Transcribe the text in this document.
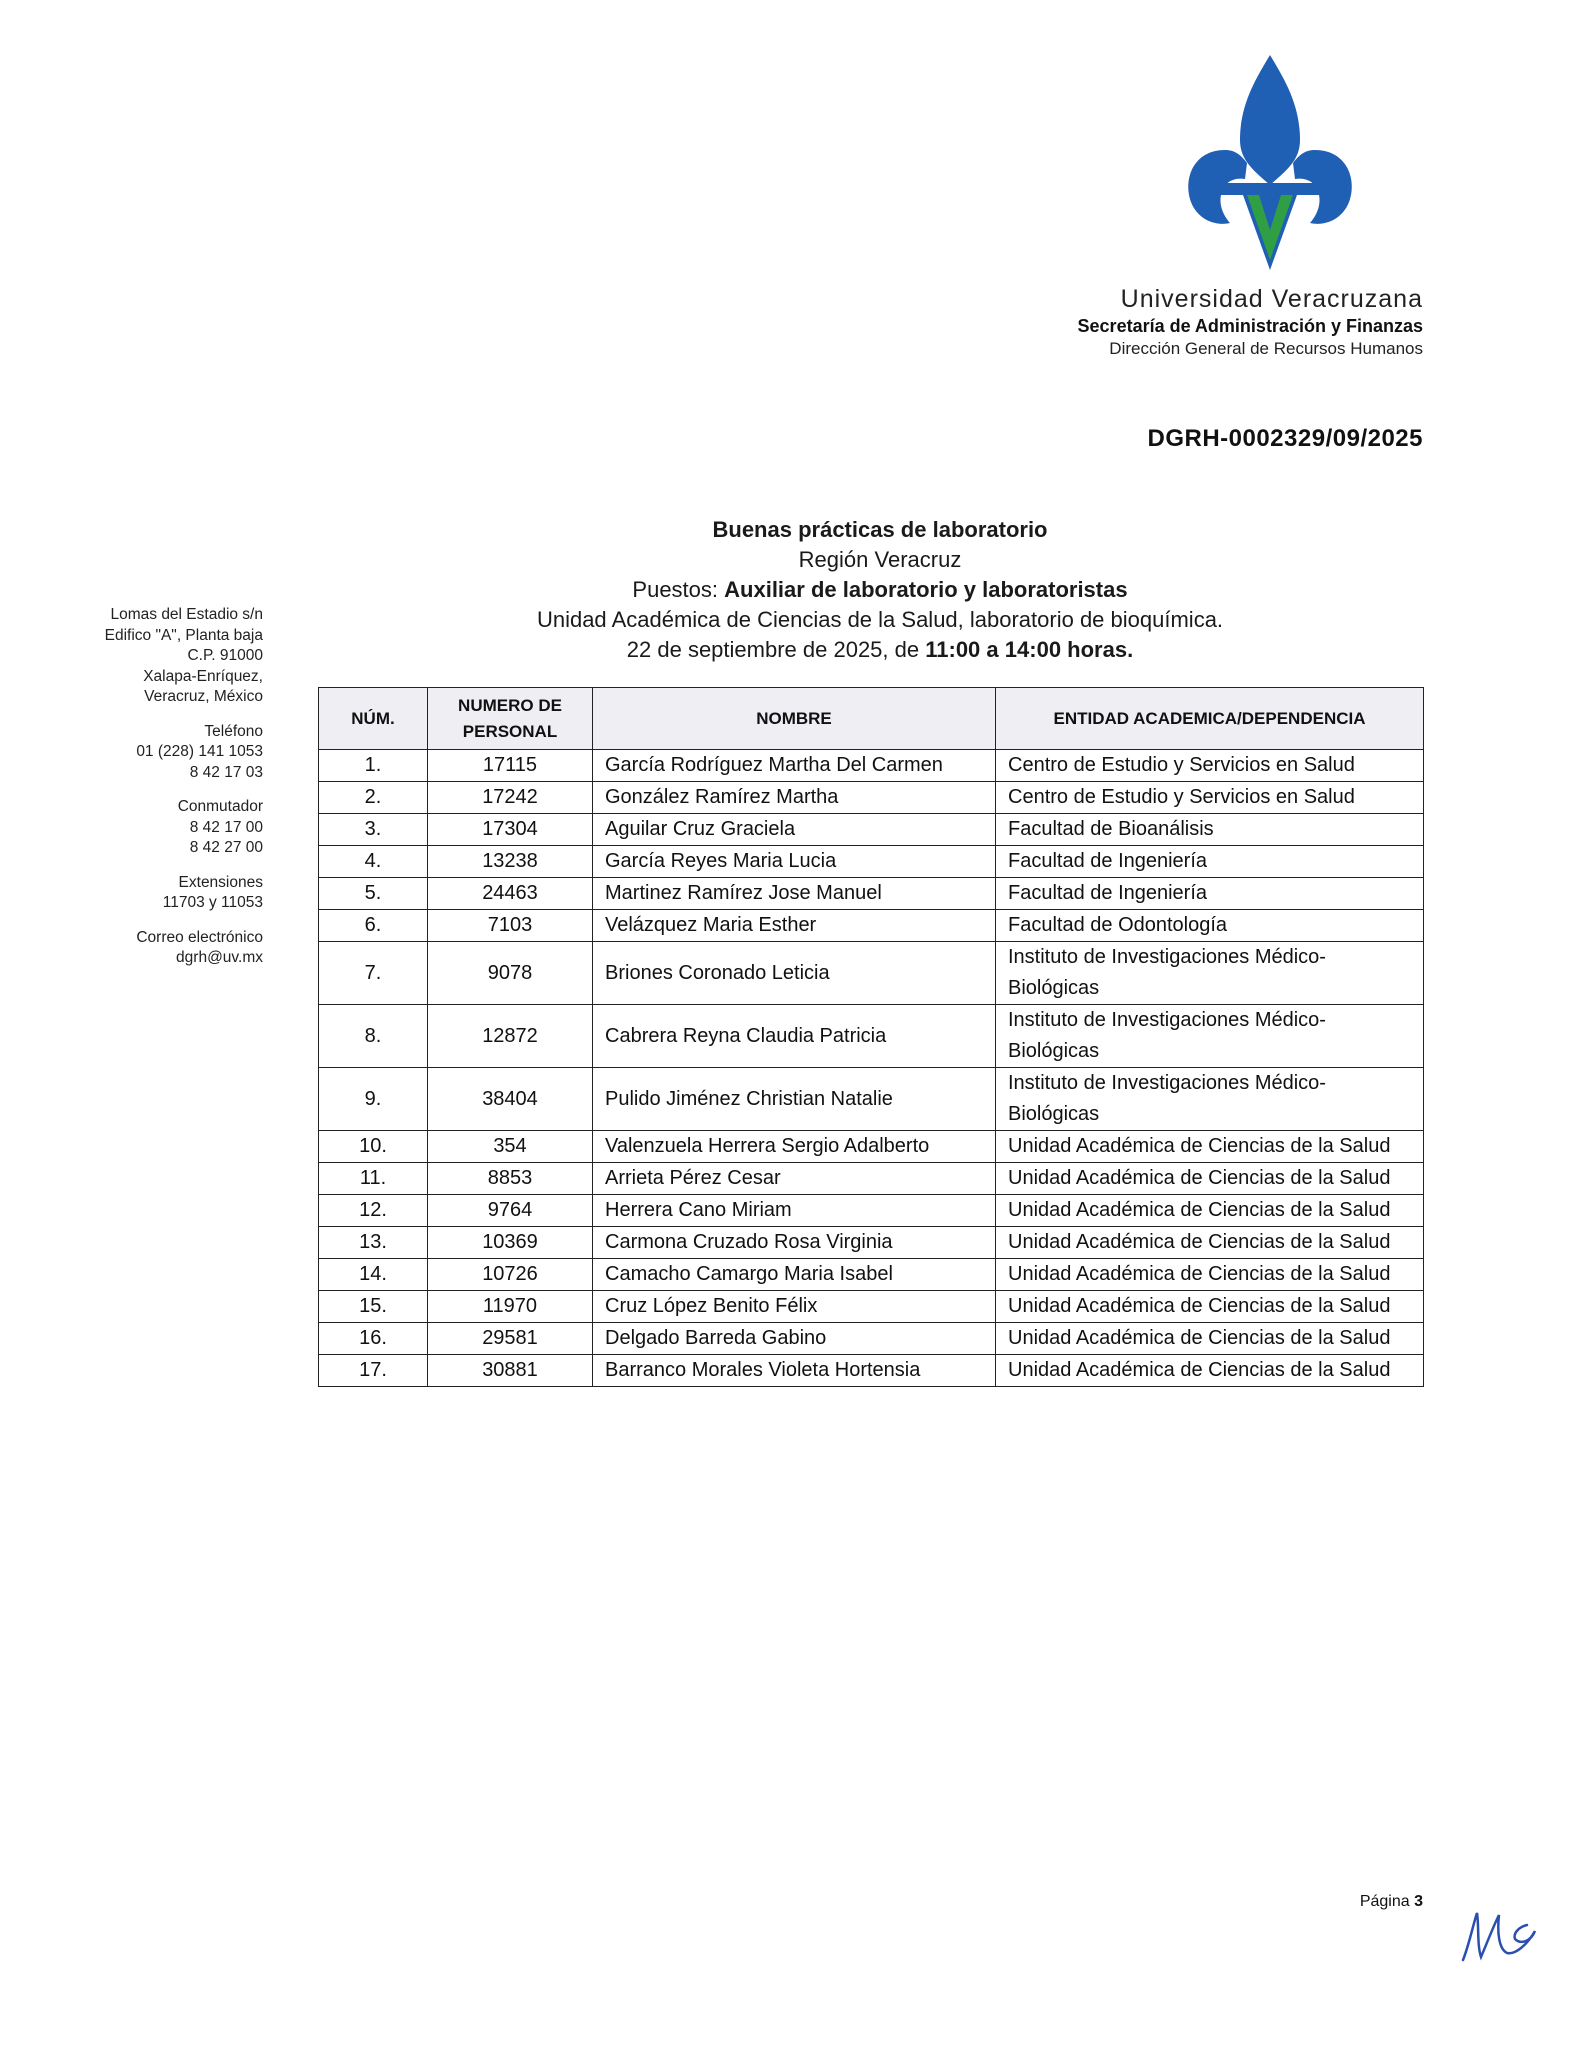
Universidad Veracruzana
Secretaría de Administración y Finanzas
Dirección General de Recursos Humanos
DGRH-0002329/09/2025
Lomas del Estadio s/n
Edifico "A", Planta baja
C.P. 91000
Xalapa-Enríquez,
Veracruz, México
Teléfono
01 (228) 141 1053
8 42 17 03
Conmutador
8 42 17 00
8 42 27 00
Extensiones
11703 y 11053
Correo electrónico
dgrh@uv.mx
Buenas prácticas de laboratorio
Región Veracruz
Puestos: Auxiliar de laboratorio y laboratoristas
Unidad Académica de Ciencias de la Salud, laboratorio de bioquímica.
22 de septiembre de 2025, de 11:00 a 14:00 horas.
NÚM.	NUMERO DE PERSONAL	NOMBRE	ENTIDAD ACADEMICA/DEPENDENCIA
1.	17115	García Rodríguez Martha Del Carmen	Centro de Estudio y Servicios en Salud
2.	17242	González Ramírez Martha	Centro de Estudio y Servicios en Salud
3.	17304	Aguilar Cruz Graciela	Facultad de Bioanálisis
4.	13238	García Reyes Maria Lucia	Facultad de Ingeniería
5.	24463	Martinez Ramírez Jose Manuel	Facultad de Ingeniería
6.	7103	Velázquez Maria Esther	Facultad de Odontología
7.	9078	Briones Coronado Leticia	Instituto de Investigaciones Médico-Biológicas
8.	12872	Cabrera Reyna Claudia Patricia	Instituto de Investigaciones Médico-Biológicas
9.	38404	Pulido Jiménez Christian Natalie	Instituto de Investigaciones Médico-Biológicas
10.	354	Valenzuela Herrera Sergio Adalberto	Unidad Académica de Ciencias de la Salud
11.	8853	Arrieta Pérez Cesar	Unidad Académica de Ciencias de la Salud
12.	9764	Herrera Cano Miriam	Unidad Académica de Ciencias de la Salud
13.	10369	Carmona Cruzado Rosa Virginia	Unidad Académica de Ciencias de la Salud
14.	10726	Camacho Camargo Maria Isabel	Unidad Académica de Ciencias de la Salud
15.	11970	Cruz López Benito Félix	Unidad Académica de Ciencias de la Salud
16.	29581	Delgado Barreda Gabino	Unidad Académica de Ciencias de la Salud
17.	30881	Barranco Morales Violeta Hortensia	Unidad Académica de Ciencias de la Salud
Página 3
